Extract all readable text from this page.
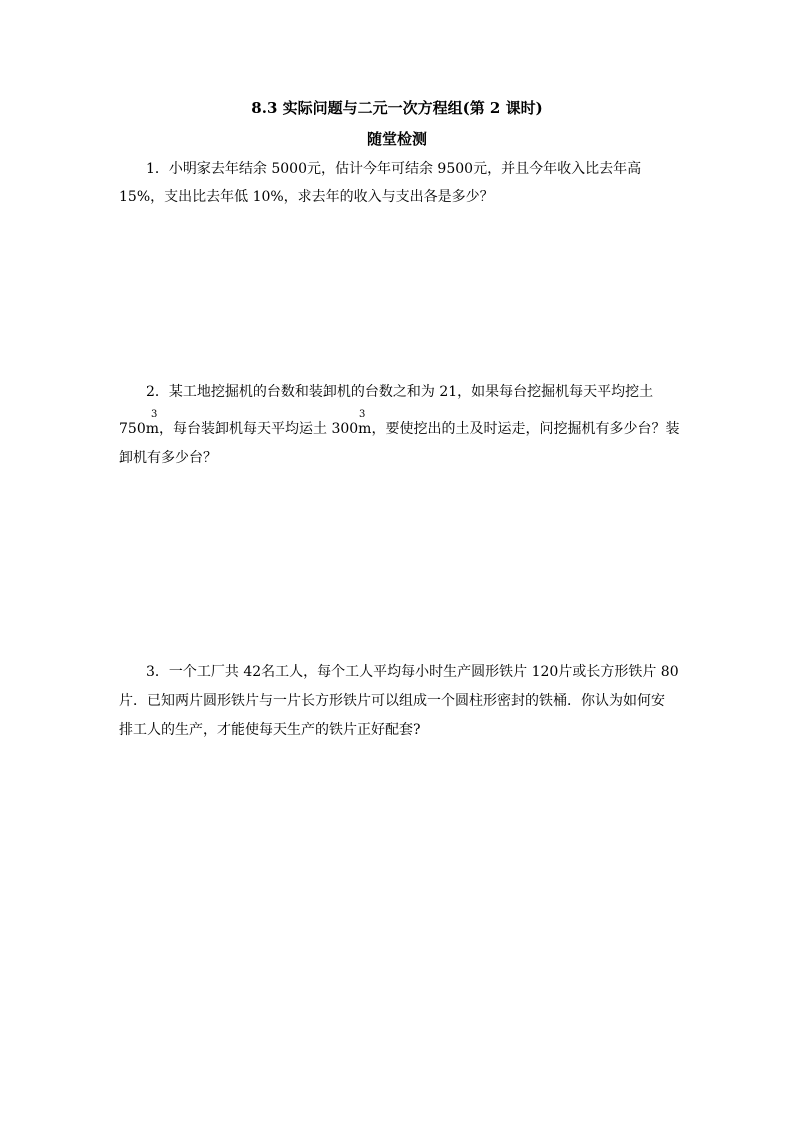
8.3 实际问题与二元一次方程组(第 2 课时)
随堂检测
1．小明家去年结余 5000元，估计今年可结余 9500元，并且今年收入比去年高
15%，支出比去年低 10%，求去年的收入与支出各是多少？
2．某工地挖掘机的台数和装卸机的台数之和为 21，如果每台挖掘机每天平均挖土
3	3
750m，每台装卸机每天平均运土 300m，要使挖出的土及时运走，问挖掘机有多少台？装
卸机有多少台？
3．一个工厂共 42名工人，每个工人平均每小时生产圆形铁片 120片或长方形铁片 80
片．已知两片圆形铁片与一片长方形铁片可以组成一个圆柱形密封的铁桶．你认为如何安
排工人的生产，才能使每天生产的铁片正好配套?
